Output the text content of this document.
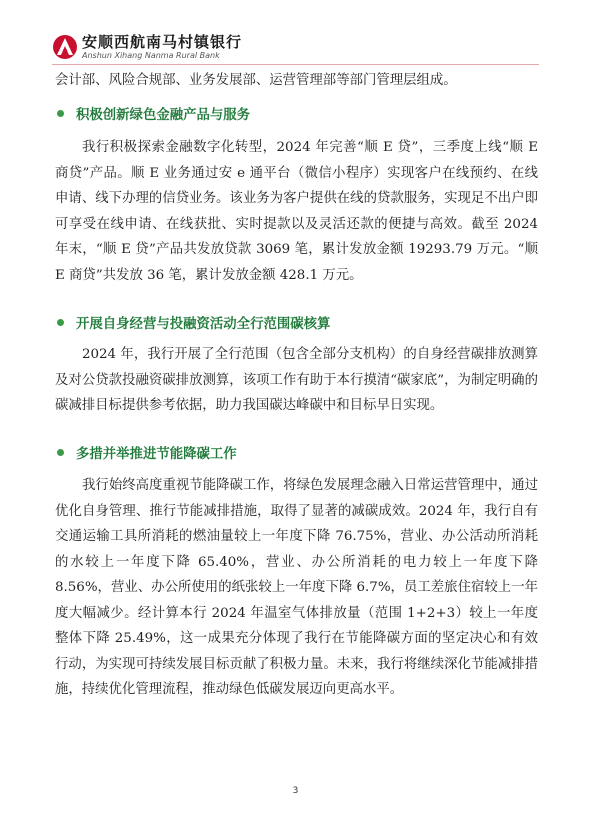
安顺西航南马村镇银行
Anshun Xihang Nanma Rural Bank

会计部、风险合规部、业务发展部、运营管理部等部门管理层组成。

积极创新绿色金融产品与服务

我行积极探索金融数字化转型，2024 年完善“顺 E 贷”，三季度上线“顺 E 商贷”产品。顺 E 业务通过安 e 通平台（微信小程序）实现客户在线预约、在线申请、线下办理的信贷业务。该业务为客户提供在线的贷款服务，实现足不出户即可享受在线申请、在线获批、实时提款以及灵活还款的便捷与高效。截至 2024 年末，“顺 E 贷”产品共发放贷款 3069 笔，累计发放金额 19293.79 万元。“顺 E 商贷”共发放 36 笔，累计发放金额 428.1 万元。

开展自身经营与投融资活动全行范围碳核算

2024 年，我行开展了全行范围（包含全部分支机构）的自身经营碳排放测算及对公贷款投融资碳排放测算，该项工作有助于本行摸清“碳家底”，为制定明确的碳减排目标提供参考依据，助力我国碳达峰碳中和目标早日实现。

多措并举推进节能降碳工作

我行始终高度重视节能降碳工作，将绿色发展理念融入日常运营管理中，通过优化自身管理、推行节能减排措施，取得了显著的减碳成效。2024 年，我行自有交通运输工具所消耗的燃油量较上一年度下降 76.75%，营业、办公活动所消耗的水较上一年度下降 65.40%，营业、办公所消耗的电力较上一年度下降 8.56%，营业、办公所使用的纸张较上一年度下降 6.7%，员工差旅住宿较上一年度大幅减少。经计算本行 2024 年温室气体排放量（范围 1+2+3）较上一年度整体下降 25.49%，这一成果充分体现了我行在节能降碳方面的坚定决心和有效行动，为实现可持续发展目标贡献了积极力量。未来，我行将继续深化节能减排措施，持续优化管理流程，推动绿色低碳发展迈向更高水平。

3
